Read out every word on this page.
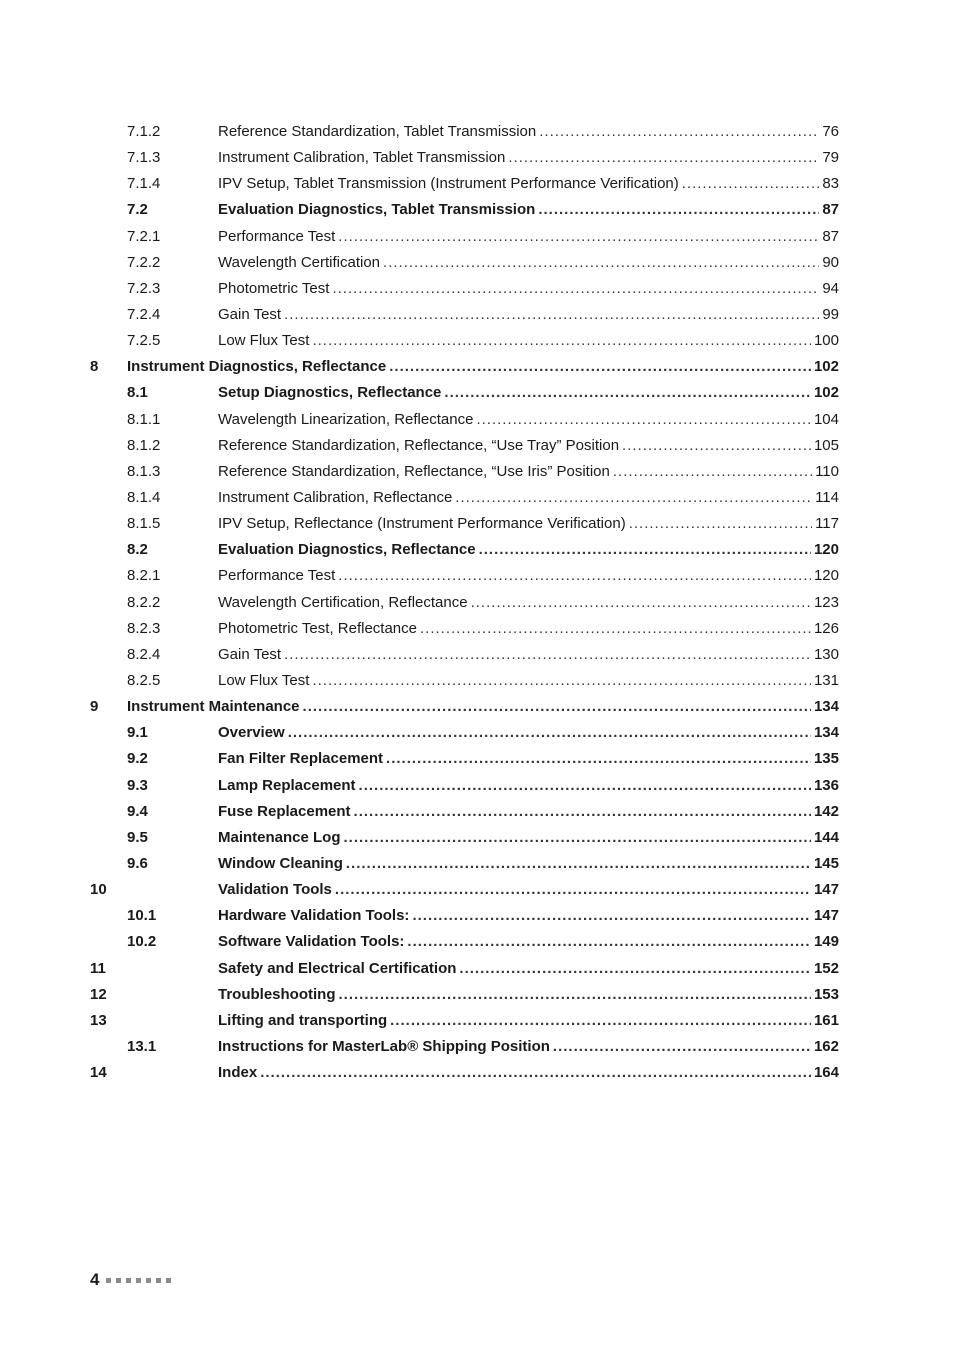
7.1.2	Reference Standardization, Tablet Transmission .....	76
7.1.3	Instrument Calibration, Tablet Transmission .....	79
7.1.4	IPV Setup, Tablet Transmission (Instrument Performance Verification) .....	83
7.2	Evaluation Diagnostics, Tablet Transmission .....	87
7.2.1	Performance Test .....	87
7.2.2	Wavelength Certification .....	90
7.2.3	Photometric Test .....	94
7.2.4	Gain Test .....	99
7.2.5	Low Flux Test .....	100
8 Instrument Diagnostics, Reflectance .....	102
8.1	Setup Diagnostics, Reflectance .....	102
8.1.1	Wavelength Linearization, Reflectance .....	104
8.1.2	Reference Standardization, Reflectance, “Use Tray” Position .....	105
8.1.3	Reference Standardization, Reflectance, “Use Iris” Position .....	110
8.1.4	Instrument Calibration, Reflectance .....	114
8.1.5	IPV Setup, Reflectance (Instrument Performance Verification) .....	117
8.2	Evaluation Diagnostics, Reflectance .....	120
8.2.1	Performance Test .....	120
8.2.2	Wavelength Certification, Reflectance .....	123
8.2.3	Photometric Test, Reflectance .....	126
8.2.4	Gain Test .....	130
8.2.5	Low Flux Test .....	131
9 Instrument Maintenance .....	134
9.1	Overview .....	134
9.2	Fan Filter Replacement .....	135
9.3	Lamp Replacement .....	136
9.4	Fuse Replacement .....	142
9.5	Maintenance Log .....	144
9.6	Window Cleaning .....	145
10	Validation Tools .....	147
10.1	Hardware Validation Tools: .....	147
10.2	Software Validation Tools: .....	149
11	Safety and Electrical Certification .....	152
12	Troubleshooting .....	153
13	Lifting and transporting .....	161
13.1	Instructions for MasterLab® Shipping Position .....	162
14	Index .....	164
4
